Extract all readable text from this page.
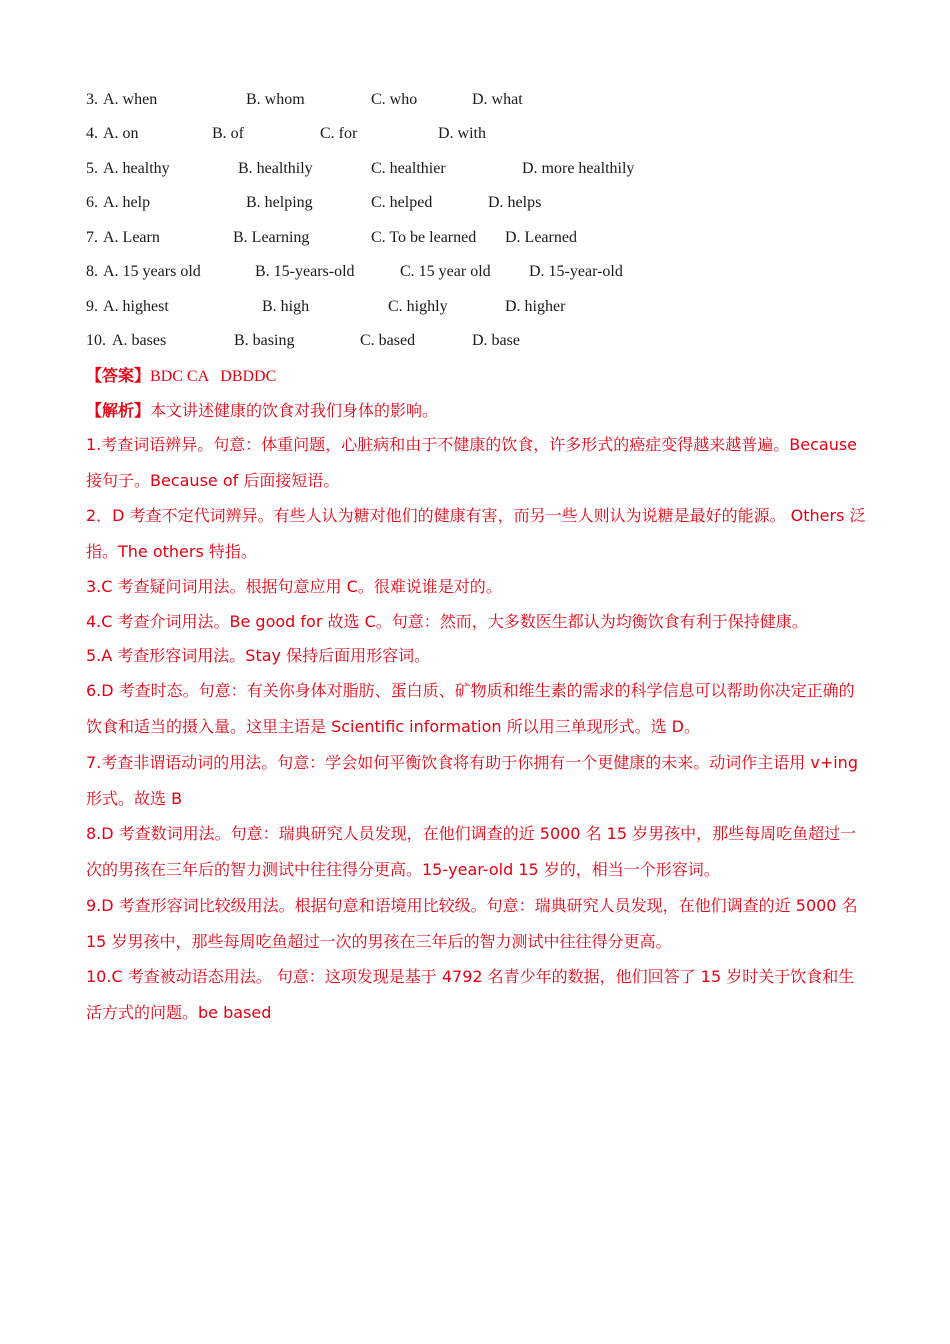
3. A. when	B. whom	C. who	D. what
4. A. on	B. of	C. for	D. with
5. A. healthy	B. healthily	C. healthier	D. more healthily
6. A. help	B. helping	C. helped	D. helps
7. A. Learn	B. Learning	C. To be learned D. Learned
8. A. 15 years old	B. 15-years-old	C. 15 year old D. 15-year-old
9. A. highest	B. high	C. highly	D. higher
10. A. bases	B. basing	C. based	D. base
【答案】BDC CA   DBDDC
【解析】本文讲述健康的饮食对我们身体的影响。
1.考查词语辨异。句意：体重问题，心脏病和由于不健康的饮食，许多形式的癌症变得越来越普遍。Because 接句子。Because of 后面接短语。
2．D 考查不定代词辨异。有些人认为糖对他们的健康有害，而另一些人则认为说糖是最好的能源。 Others 泛指。The others 特指。
3.C 考查疑问词用法。根据句意应用 C。很难说谁是对的。
4.C 考查介词用法。Be good for 故选 C。句意：然而，大多数医生都认为均衡饮食有利于保持健康。
5.A 考查形容词用法。Stay 保持后面用形容词。
6.D 考查时态。句意：有关你身体对脂肪、蛋白质、矿物质和维生素的需求的科学信息可以帮助你决定正确的饮食和适当的摄入量。这里主语是 Scientific information 所以用三单现形式。选 D。
7.考查非谓语动词的用法。句意：学会如何平衡饮食将有助于你拥有一个更健康的未来。动词作主语用 v+ing 形式。故选 B
8.D 考查数词用法。句意：瑞典研究人员发现，在他们调查的近 5000 名 15 岁男孩中，那些每周吃鱼超过一次的男孩在三年后的智力测试中往往得分更高。15-year-old 15 岁的，相当一个形容词。
9.D 考查形容词比较级用法。根据句意和语境用比较级。句意：瑞典研究人员发现，在他们调查的近 5000 名 15 岁男孩中，那些每周吃鱼超过一次的男孩在三年后的智力测试中往往得分更高。
10.C 考查被动语态用法。 句意：这项发现是基于 4792 名青少年的数据，他们回答了 15 岁时关于饮食和生活方式的问题。be based
